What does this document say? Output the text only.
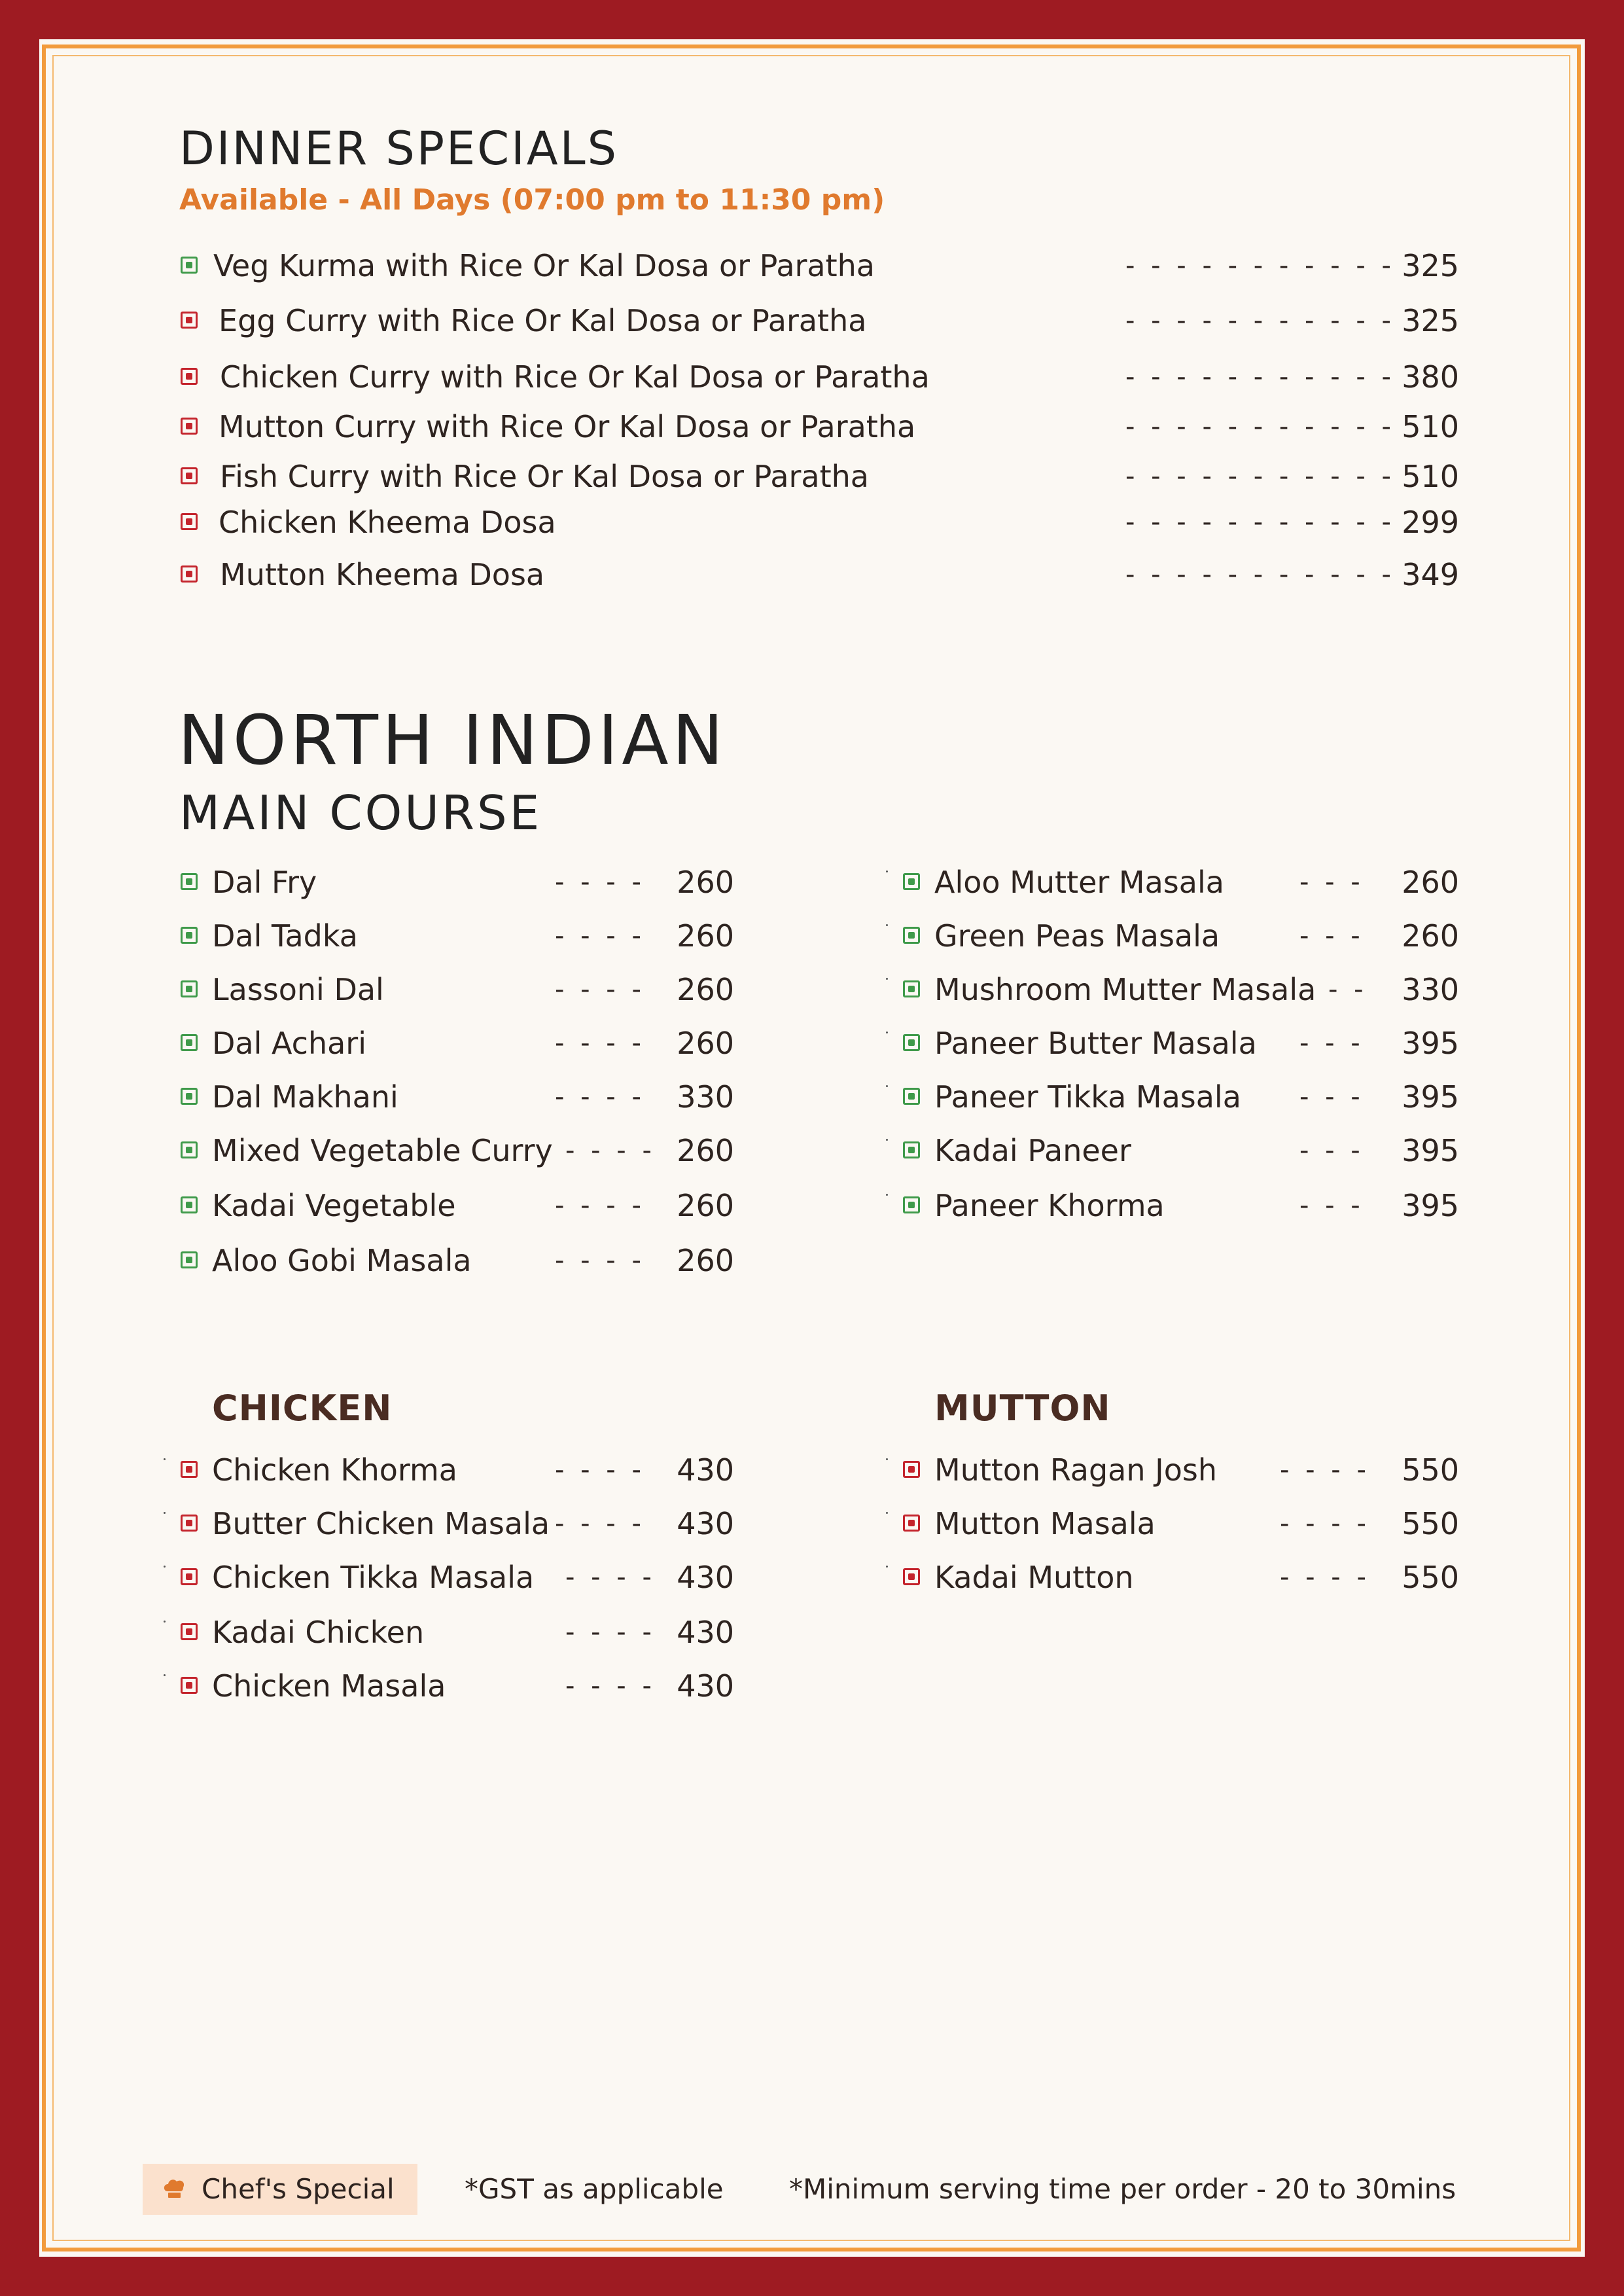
DINNER SPECIALS
Available - All Days (07:00 pm to 11:30 pm)
Veg Kurma with Rice Or Kal Dosa or Paratha	- - - - - - - - - - - 325
Egg Curry with Rice Or Kal Dosa or Paratha	- - - - - - - - - - - 325
Chicken Curry with Rice Or Kal Dosa or Paratha	- - - - - - - - - - - 380
Mutton Curry with Rice Or Kal Dosa or Paratha	- - - - - - - - - - - 510
Fish Curry with Rice Or Kal Dosa or Paratha	- - - - - - - - - - - 510
Chicken Kheema Dosa	- - - - - - - - - - - 299
Mutton Kheema Dosa	- - - - - - - - - - - 349
NORTH INDIAN
MAIN COURSE
Dal Fry	- - - - 260
Dal Tadka	- - - - 260
Lassoni Dal	- - - - 260
Dal Achari	- - - - 260
Dal Makhani	- - - - 330
Mixed Vegetable Curry - - - - 260
Kadai Vegetable	- - - - 260
Aloo Gobi Masala	- - - - 260
Aloo Mutter Masala	- - - 260
Green Peas Masala	- - - 260
Mushroom Mutter Masala - - 330
Paneer Butter Masala - - - 395
Paneer Tikka Masala - - - 395
Kadai Paneer	- - - 395
Paneer Khorma	- - - 395
CHICKEN
Chicken Khorma	- - - - 430
Butter Chicken Masala - - - - 430
Chicken Tikka Masala - - - - 430
Kadai Chicken	- - - - 430
Chicken Masala	- - - - 430
MUTTON
Mutton Ragan Josh - - - - 550
Mutton Masala	- - - - 550
Kadai Mutton	- - - - 550
Chef's Special	*GST as applicable *Minimum serving time per order - 20 to 30mins
